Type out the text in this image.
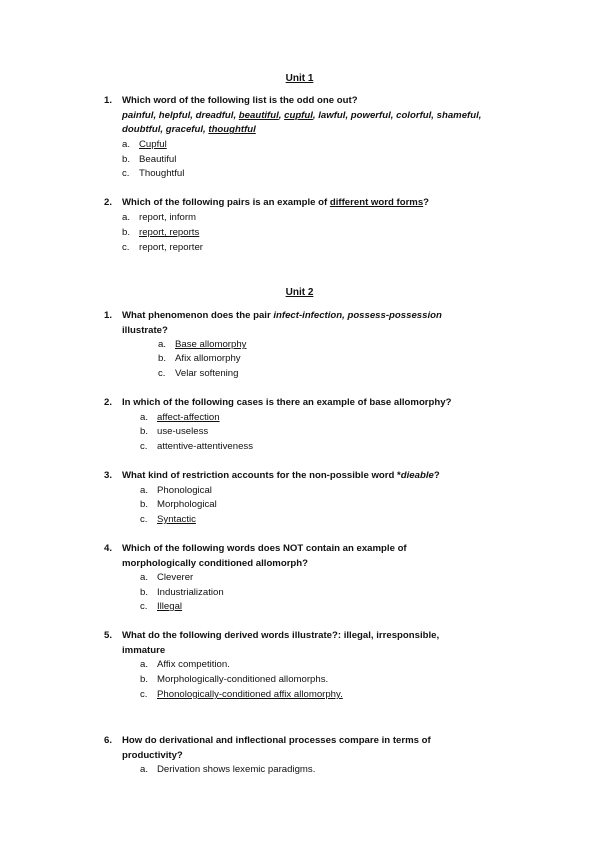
Unit 1
1. Which word of the following list is the odd one out?
painful, helpful, dreadful, beautiful, cupful, lawful, powerful, colorful, shameful, doubtful, graceful, thoughtful
a. Cupful
b. Beautiful
c. Thoughtful
2. Which of the following pairs is an example of different word forms?
a. report, inform
b. report, reports
c. report, reporter
Unit 2
1. What phenomenon does the pair infect-infection, possess-possession
illustrate?
a. Base allomorphy
b. Afix allomorphy
c. Velar softening
2. In which of the following cases is there an example of base allomorphy?
a. affect-affection
b. use-useless
c. attentive-attentiveness
3. What kind of restriction accounts for the non-possible word *dieable?
a. Phonological
b. Morphological
c. Syntactic
4. Which of the following words does NOT contain an example of morphologically conditioned allomorph?
a. Cleverer
b. Industrialization
c. Illegal
5. What do the following derived words illustrate?: illegal, irresponsible, immature
a. Affix competition.
b. Morphologically-conditioned allomorphs.
c. Phonologically-conditioned affix allomorphy.
6. How do derivational and inflectional processes compare in terms of productivity?
a. Derivation shows lexemic paradigms.
